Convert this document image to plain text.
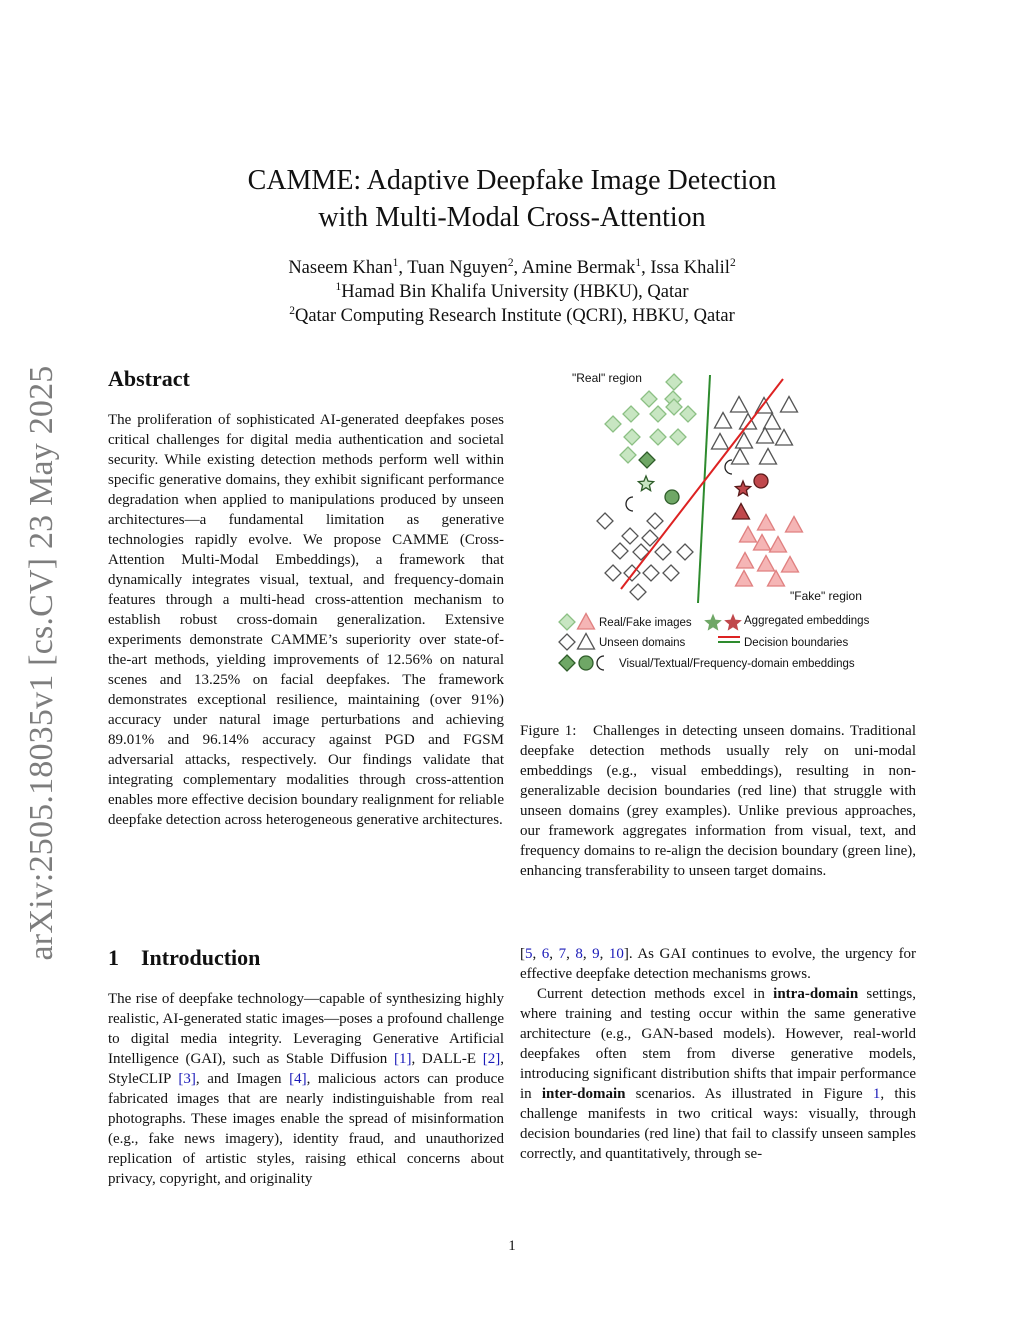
arXiv:2505.18035v1 [cs.CV] 23 May 2025
CAMME: Adaptive Deepfake Image Detection
with Multi-Modal Cross-Attention
Naseem Khan$^1$, Tuan Nguyen$^2$, Amine Bermak$^1$, Issa Khalil$^2$
$^1$Hamad Bin Khalifa University (HBKU), Qatar
$^2$Qatar Computing Research Institute (QCRI), HBKU, Qatar
Abstract

The proliferation of sophisticated AI-generated deepfakes poses critical challenges for digital media authentication and societal security. While existing detection methods perform well within specific generative domains, they exhibit significant performance degradation when applied to manipulations produced by unseen architectures—a fundamental limitation as generative technologies rapidly evolve. We propose CAMME (Cross-Attention Multi-Modal Embeddings), a framework that dynamically integrates visual, textual, and frequency-domain features through a multi-head cross-attention mechanism to establish robust cross-domain generalization. Extensive experiments demonstrate CAMME’s superiority over state-of-the-art methods, yielding improvements of 12.56% on natural scenes and 13.25% on facial deepfakes. The framework demonstrates exceptional resilience, maintaining (over 91%) accuracy under natural image perturbations and achieving 89.01% and 96.14% accuracy against PGD and FGSM adversarial attacks, respectively. Our findings validate that integrating complementary modalities through cross-attention enables more effective decision boundary realignment for reliable deepfake detection across heterogeneous generative architectures.

"Real" region
"Fake" region
Real/Fake images	Aggregated embeddings
Unseen domains	Decision boundaries
Visual/Textual/Frequency-domain embeddings

Figure 1: Challenges in detecting unseen domains. Traditional deepfake detection methods usually rely on uni-modal embeddings (e.g., visual embeddings), resulting in non-generalizable decision boundaries (red line) that struggle with unseen domains (grey examples). Unlike previous approaches, our framework aggregates information from visual, text, and frequency domains to re-align the decision boundary (green line), enhancing transferability to unseen target domains.

1 Introduction

The rise of deepfake technology—capable of synthesizing highly realistic, AI-generated static images—poses a profound challenge to digital media integrity. Leveraging Generative Artificial Intelligence (GAI), such as Stable Diffusion [1], DALL-E [2], StyleCLIP [3], and Imagen [4], malicious actors can produce fabricated images that are nearly indistinguishable from real photographs. These images enable the spread of misinformation (e.g., fake news imagery), identity fraud, and unauthorized replication of artistic styles, raising ethical concerns about privacy, copyright, and originality

[5, 6, 7, 8, 9, 10]. As GAI continues to evolve, the urgency for effective deepfake detection mechanisms grows.

Current detection methods excel in intra-domain settings, where training and testing occur within the same generative architecture (e.g., GAN-based models). However, real-world deepfakes often stem from diverse generative models, introducing significant distribution shifts that impair performance in inter-domain scenarios. As illustrated in Figure 1, this challenge manifests in two critical ways: visually, through decision boundaries (red line) that fail to classify unseen samples correctly, and quantitatively, through se-

1
